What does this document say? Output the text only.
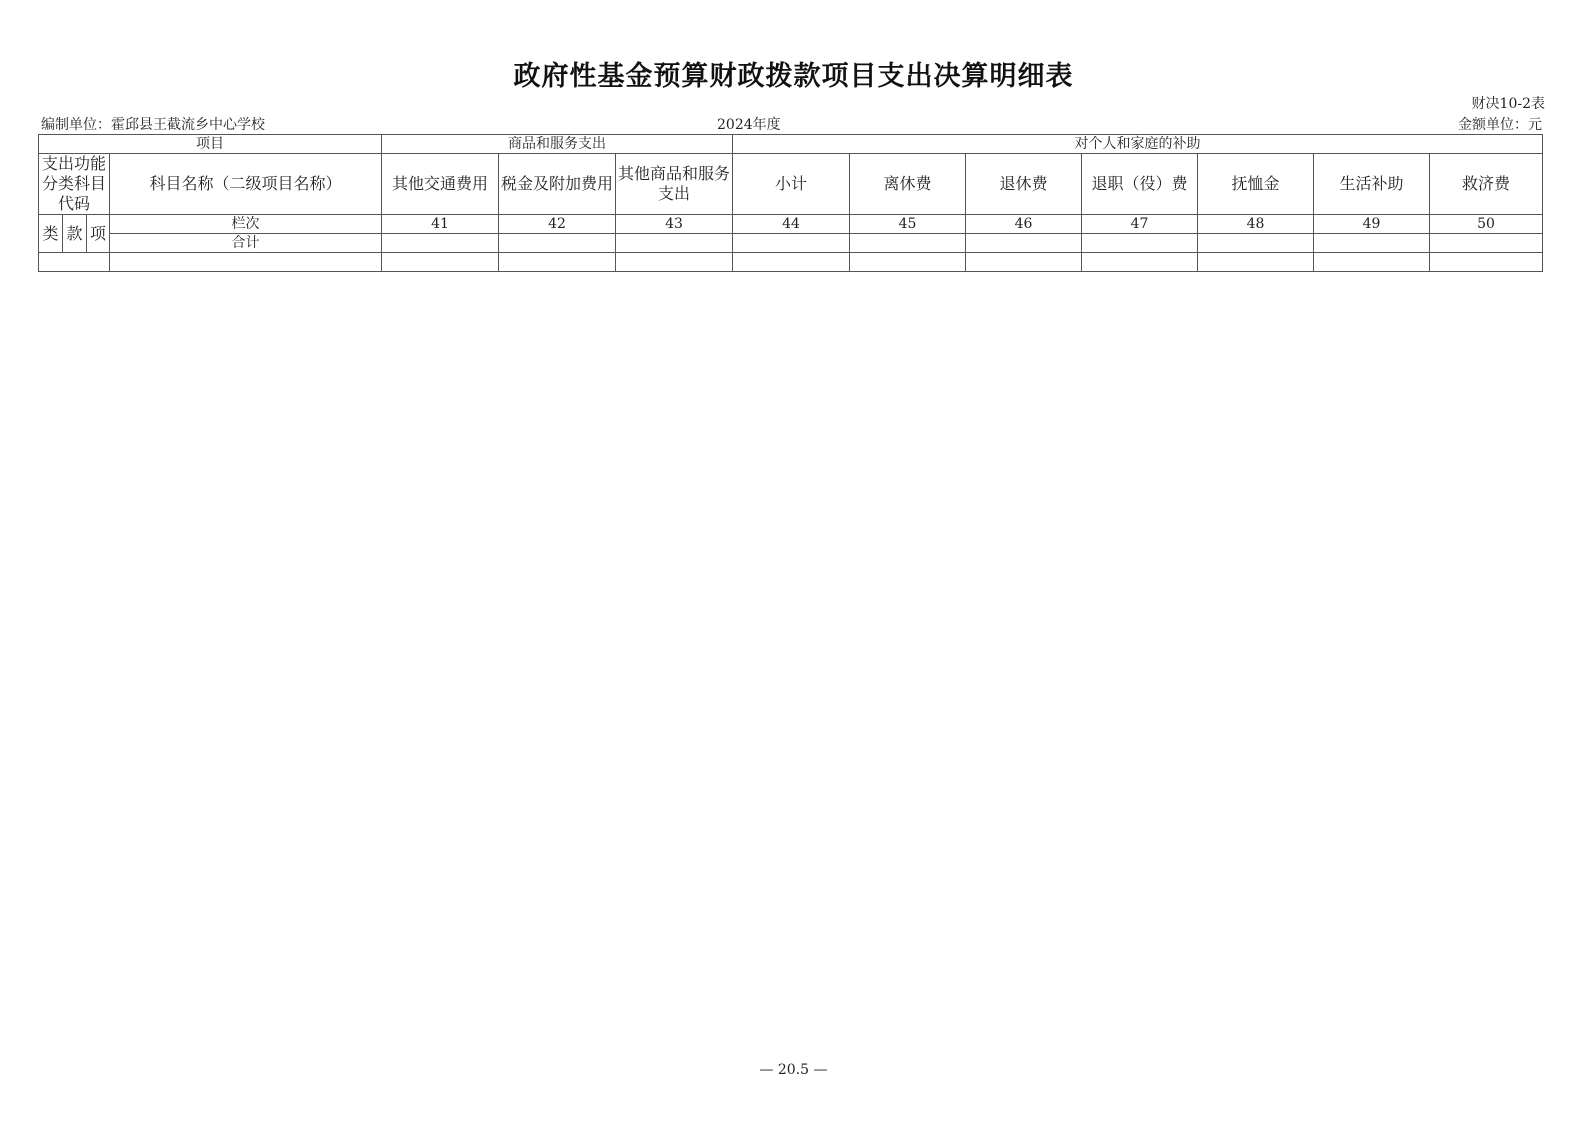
政府性基金预算财政拨款项目支出决算明细表
财决10-2表
编制单位：霍邱县王截流乡中心学校	2024年度	金额单位：元
项目				商品和服务支出			对个人和家庭的补助						
支出功能分类科目代码			科目名称（二级项目名称）	其他交通费用	税金及附加费用	其他商品和服务支出	小计	离休费	退休费	退职（役）费	抚恤金	生活补助	救济费
类	款	项	栏次	41	42	43	44	45	46	47	48	49	50
			合计										

— 20.5 —
